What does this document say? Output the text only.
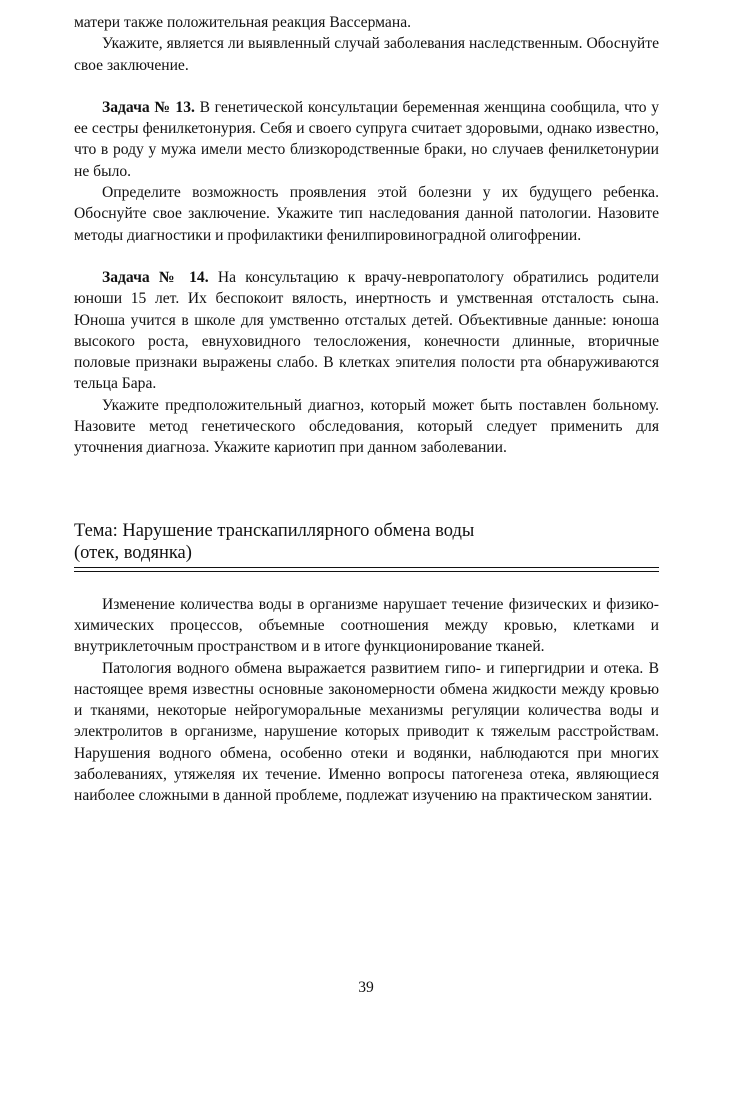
матери также положительная реакция Вассермана.

Укажите, является ли выявленный случай заболевания наследственным. Обоснуйте свое заключение.

Задача № 13. В генетической консультации беременная женщина сообщила, что у ее сестры фенилкетонурия. Себя и своего супруга считает здоровыми, однако известно, что в роду у мужа имели место близкородственные браки, но случаев фенилкетонурии не было.

Определите возможность проявления этой болезни у их будущего ребенка. Обоснуйте свое заключение. Укажите тип наследования данной патологии. Назовите методы диагностики и профилактики фенилпировиноградной олигофрении.

Задача № 14. На консультацию к врачу-невропатологу обратились родители юноши 15 лет. Их беспокоит вялость, инертность и умственная отсталость сына. Юноша учится в школе для умственно отсталых детей. Объективные данные: юноша высокого роста, евнуховидного телосложения, конечности длинные, вторичные половые признаки выражены слабо. В клетках эпителия полости рта обнаруживаются тельца Бара.

Укажите предположительный диагноз, который может быть поставлен больному. Назовите метод генетического обследования, который следует применить для уточнения диагноза. Укажите кариотип при данном заболевании.

Тема: Нарушение транскапиллярного обмена воды
(отек, водянка)

Изменение количества воды в организме нарушает течение физических и физико-химических процессов, объемные соотношения между кровью, клетками и внутриклеточным пространством и в итоге функционирование тканей.

Патология водного обмена выражается развитием гипо- и гипергидрии и отека. В настоящее время известны основные закономерности обмена жидкости между кровью и тканями, некоторые нейрогуморальные механизмы регуляции количества воды и электролитов в организме, нарушение которых приводит к тяжелым расстройствам. Нарушения водного обмена, особенно отеки и водянки, наблюдаются при многих заболеваниях, утяжеляя их течение. Именно вопросы патогенеза отека, являющиеся наиболее сложными в данной проблеме, подлежат изучению на практическом занятии.

39
